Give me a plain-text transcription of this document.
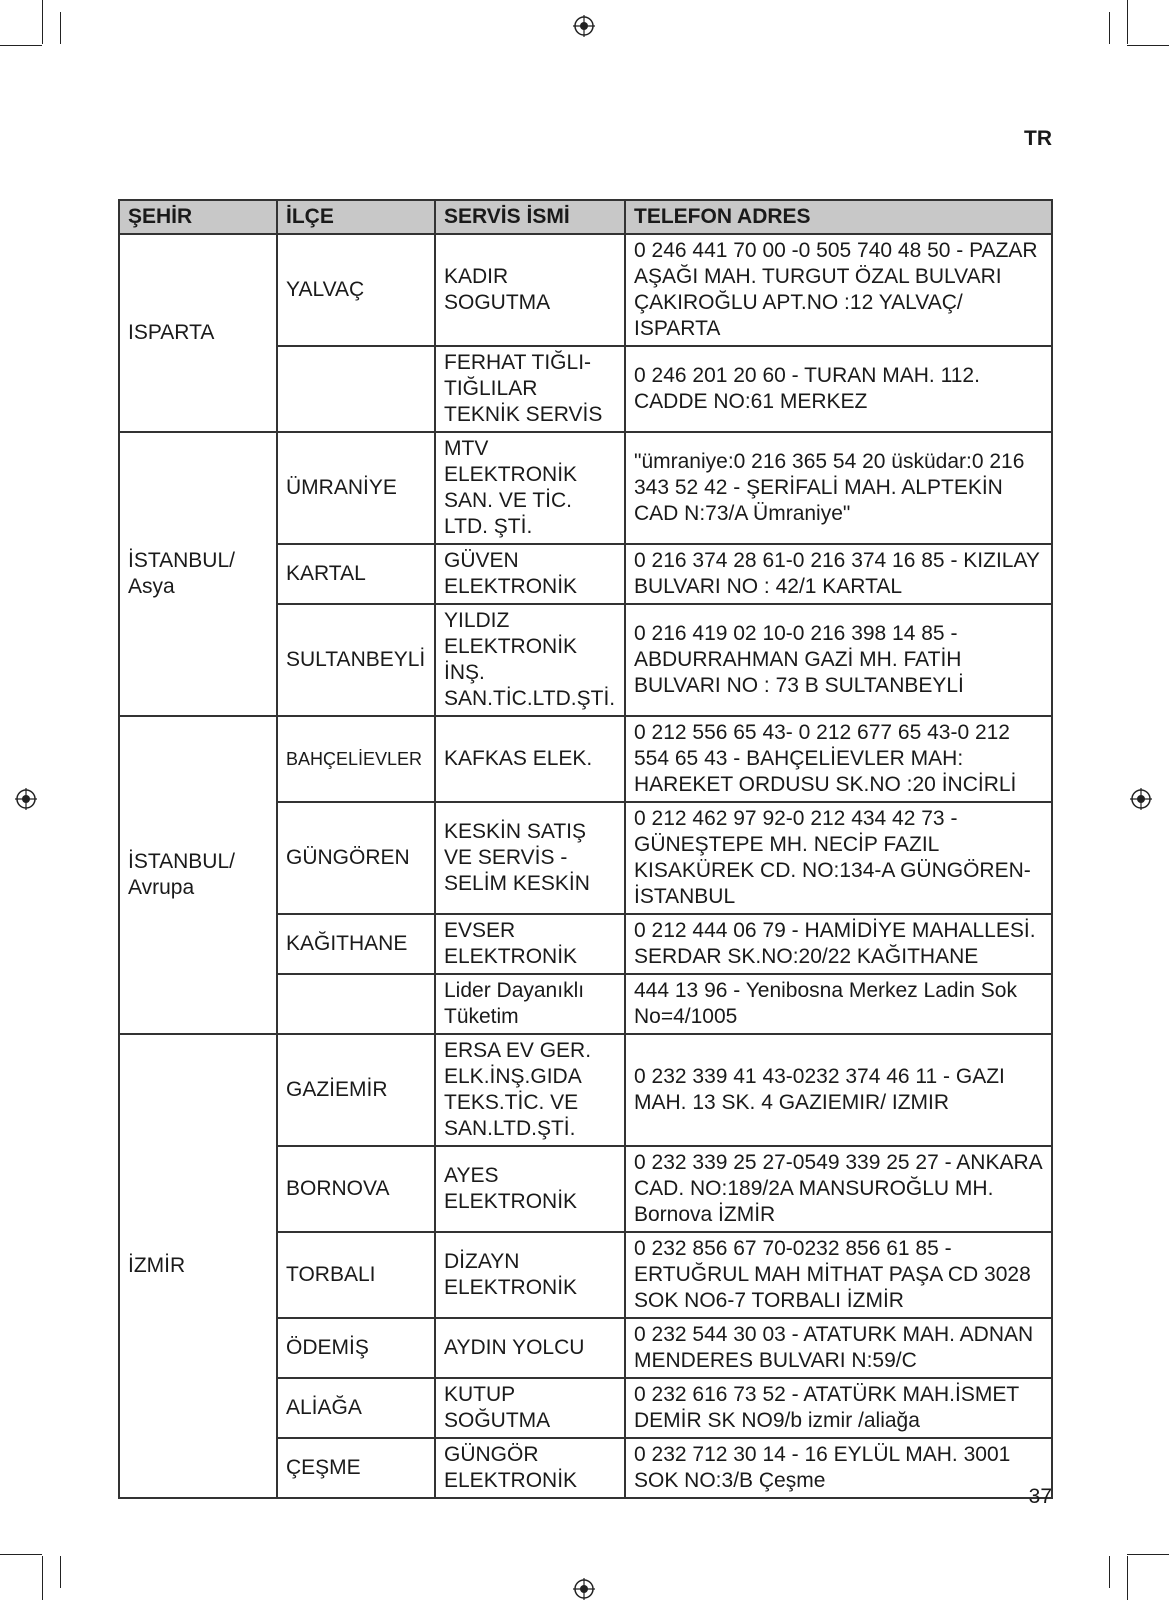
TR
ŞEHİR	İLÇE	SERVİS İSMİ	TELEFON ADRES
ISPARTA	YALVAÇ	KADIR SOGUTMA	0 246 441 70 00 -0 505 740 48 50 - PAZAR AŞAĞI MAH. TURGUT ÖZAL BULVARI ÇAKIROĞLU APT.NO :12 YALVAÇ/ ISPARTA
		FERHAT TIĞLI-TIĞLILAR TEKNİK SERVİS	0 246 201 20 60 - TURAN MAH. 112. CADDE NO:61 MERKEZ
İSTANBUL/ Asya	ÜMRANİYE	MTV ELEKTRONİK SAN. VE TİC. LTD. ŞTİ.	"ümraniye:0 216 365 54 20 üsküdar:0 216 343 52 42 - ŞERİFALİ MAH. ALPTEKİN CAD N:73/A Ümraniye"
	KARTAL	GÜVEN ELEKTRONİK	0 216 374 28 61-0 216 374 16 85 - KIZILAY BULVARI NO : 42/1 KARTAL
	SULTANBEYLİ	YILDIZ ELEKTRONİK İNŞ. SAN.TİC.LTD.ŞTİ.	0 216 419 02 10-0 216 398 14 85 - ABDURRAHMAN GAZİ MH. FATİH BULVARI NO : 73 B SULTANBEYLİ
İSTANBUL/ Avrupa	BAHÇELİEVLER	KAFKAS ELEK.	0 212 556 65 43- 0 212 677 65 43-0 212 554 65 43 - BAHÇELİEVLER MAH: HAREKET ORDUSU SK.NO :20 İNCİRLİ
	GÜNGÖREN	KESKİN SATIŞ VE SERVİS - SELİM KESKİN	0 212 462 97 92-0 212 434 42 73 - GÜNEŞTEPE MH. NECİP FAZIL KISAKÜREK CD. NO:134-A GÜNGÖREN-İSTANBUL
	KAĞITHANE	EVSER ELEKTRONİK	0 212 444 06 79 - HAMİDİYE MAHALLESİ. SERDAR SK.NO:20/22 KAĞITHANE
		Lider Dayanıklı Tüketim	444 13 96 - Yenibosna Merkez Ladin Sok No=4/1005
İZMİR	GAZİEMİR	ERSA EV GER. ELK.İNŞ.GIDA TEKS.TİC. VE SAN.LTD.ŞTİ.	0 232 339 41 43-0232 374 46 11 - GAZI MAH. 13 SK. 4 GAZIEMIR/ IZMIR
	BORNOVA	AYES ELEKTRONİK	0 232 339 25 27-0549 339 25 27 - ANKARA CAD. NO:189/2A MANSUROĞLU MH. Bornova İZMİR
	TORBALI	DİZAYN ELEKTRONİK	0 232 856 67 70-0232 856 61 85 - ERTUĞRUL MAH MİTHAT PAŞA CD 3028 SOK NO6-7 TORBALI İZMİR
	ÖDEMİŞ	AYDIN YOLCU	0 232 544 30 03 - ATATURK MAH. ADNAN MENDERES BULVARI N:59/C
	ALİAĞA	KUTUP SOĞUTMA	0 232 616 73 52 - ATATÜRK MAH.İSMET DEMİR SK NO9/b izmir /aliağa
	ÇEŞME	GÜNGÖR ELEKTRONİK	0 232 712 30 14 - 16 EYLÜL MAH. 3001 SOK NO:3/B Çeşme
37
